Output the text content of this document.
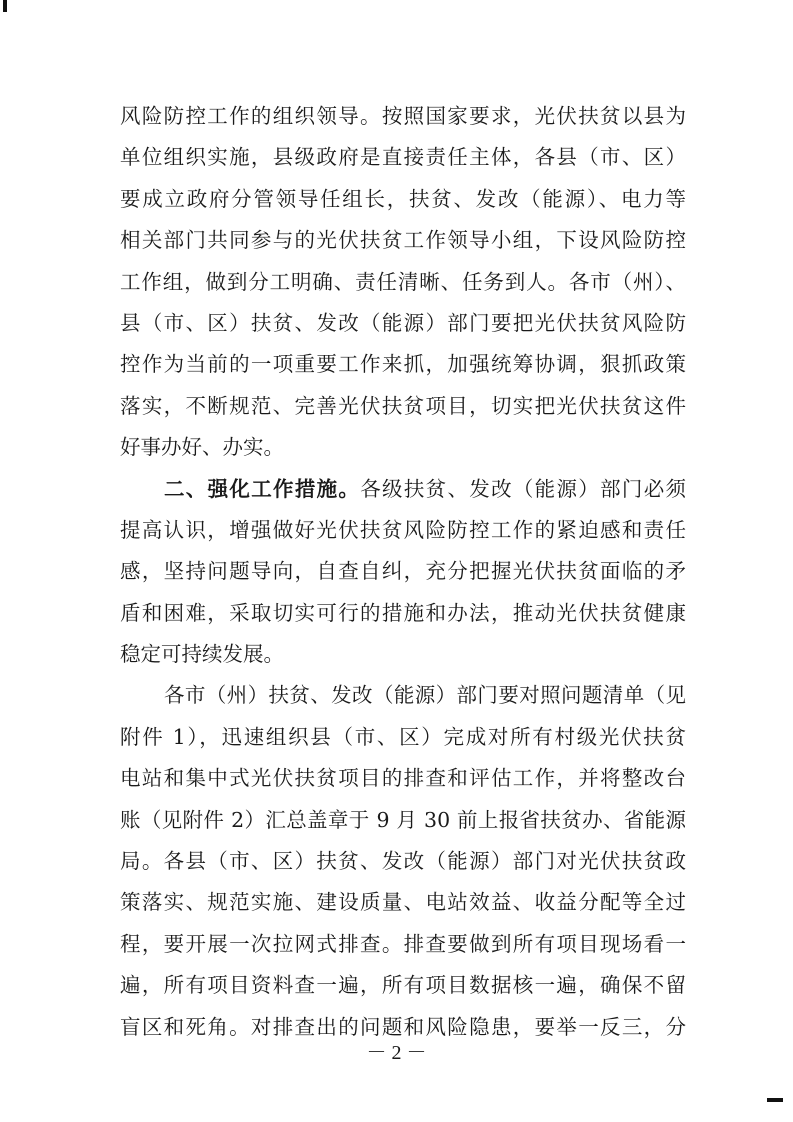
风险防控工作的组织领导。按照国家要求，光伏扶贫以县为
单位组织实施，县级政府是直接责任主体，各县（市、区）
要成立政府分管领导任组长，扶贫、发改（能源）、电力等
相关部门共同参与的光伏扶贫工作领导小组，下设风险防控
工作组，做到分工明确、责任清晰、任务到人。各市（州）、
县（市、区）扶贫、发改（能源）部门要把光伏扶贫风险防
控作为当前的一项重要工作来抓，加强统筹协调，狠抓政策
落实，不断规范、完善光伏扶贫项目，切实把光伏扶贫这件
好事办好、办实。
二、强化工作措施。各级扶贫、发改（能源）部门必须
提高认识，增强做好光伏扶贫风险防控工作的紧迫感和责任
感，坚持问题导向，自查自纠，充分把握光伏扶贫面临的矛
盾和困难，采取切实可行的措施和办法，推动光伏扶贫健康
稳定可持续发展。
各市（州）扶贫、发改（能源）部门要对照问题清单（见
附件 1），迅速组织县（市、区）完成对所有村级光伏扶贫
电站和集中式光伏扶贫项目的排查和评估工作，并将整改台
账（见附件 2）汇总盖章于 9 月 30 前上报省扶贫办、省能源
局。各县（市、区）扶贫、发改（能源）部门对光伏扶贫政
策落实、规范实施、建设质量、电站效益、收益分配等全过
程，要开展一次拉网式排查。排查要做到所有项目现场看一
遍，所有项目资料查一遍，所有项目数据核一遍，确保不留
盲区和死角。对排查出的问题和风险隐患，要举一反三，分
－ 2 －
